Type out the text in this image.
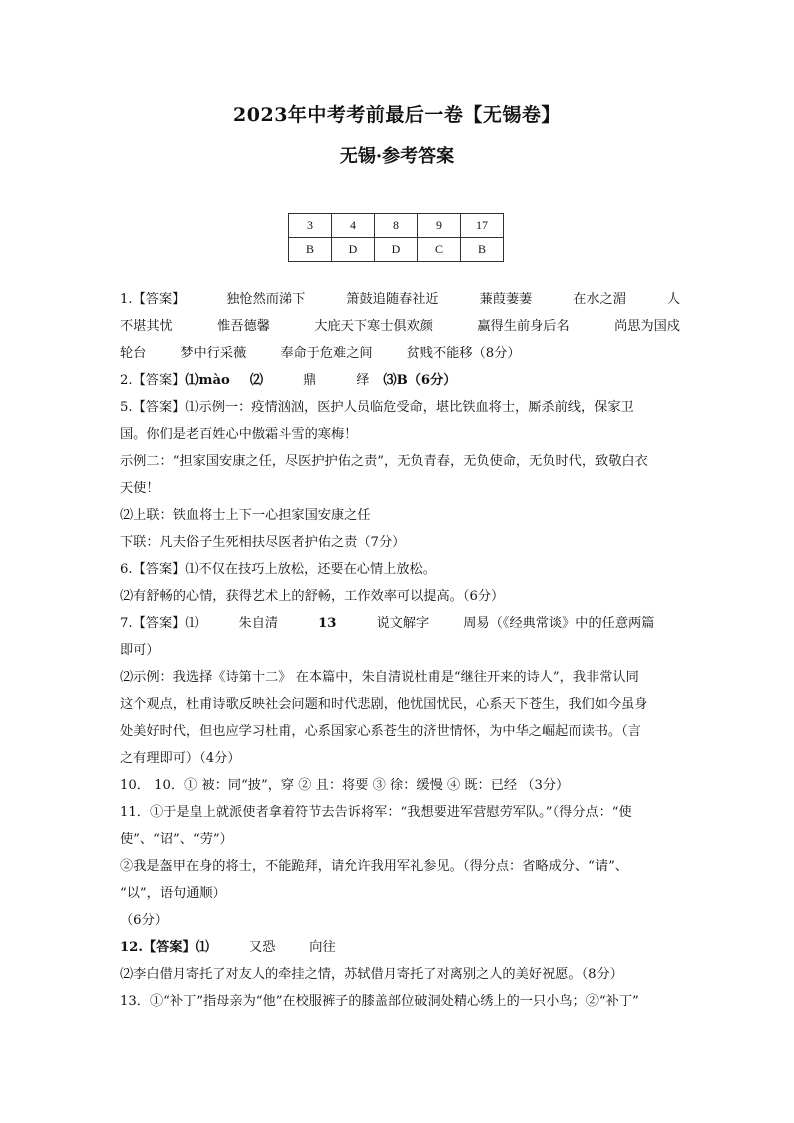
2023年中考考前最后一卷【无锡卷】
无锡·参考答案
3	4	8	9	17
B	D	D	C	B
1.【答案】	独怆然而涕下	箫鼓追随春社近	蒹葭萋萋	在水之湄	人
不堪其忧	惟吾德馨	大庇天下寒士俱欢颜	赢得生前身后名	尚思为国戍
轮台	梦中行采薇	奉命于危难之间	贫贱不能移（8分）
2.【答案】⑴mào ⑵	鼎	绎 ⑶B（6分）
5.【答案】⑴示例一：疫情汹汹，医护人员临危受命，堪比铁血将士，厮杀前线，保家卫
国。你们是老百姓心中傲霜斗雪的寒梅！
示例二：“担家国安康之任，尽医护护佑之责”，无负青春，无负使命，无负时代，致敬白衣
天使！
⑵上联：铁血将士上下一心担家国安康之任
下联：凡夫俗子生死相扶尽医者护佑之责（7分）
6.【答案】⑴不仅在技巧上放松，还要在心情上放松。
⑵有舒畅的心情，获得艺术上的舒畅，工作效率可以提高。（6分）
7.【答案】⑴	朱自清	13	说文解字	周易（《经典常谈》中的任意两篇
即可）
⑵示例：我选择《诗第十二》 在本篇中，朱自清说杜甫是“继往开来的诗人”，我非常认同
这个观点，杜甫诗歌反映社会问题和时代悲剧，他忧国忧民，心系天下苍生，我们如今虽身
处美好时代，但也应学习杜甫，心系国家心系苍生的济世情怀，为中华之崛起而读书。（言
之有理即可）（4分）
10． 10．① 被：同“披”，穿 ② 且：将要 ③ 徐：缓慢 ④ 既：已经 （3分）
11．①于是皇上就派使者拿着符节去告诉将军：“我想要进军营慰劳军队。”（得分点：“使
使”、“诏”、“劳”）
②我是盔甲在身的将士，不能跪拜，请允许我用军礼参见。（得分点：省略成分、“请”、
“以”，语句通顺）
（6分）
12.【答案】⑴	又恐	向往
⑵李白借月寄托了对友人的牵挂之情，苏轼借月寄托了对离别之人的美好祝愿。（8分）
13．①“补丁”指母亲为“他”在校服裤子的膝盖部位破洞处精心绣上的一只小鸟；②“补丁”
